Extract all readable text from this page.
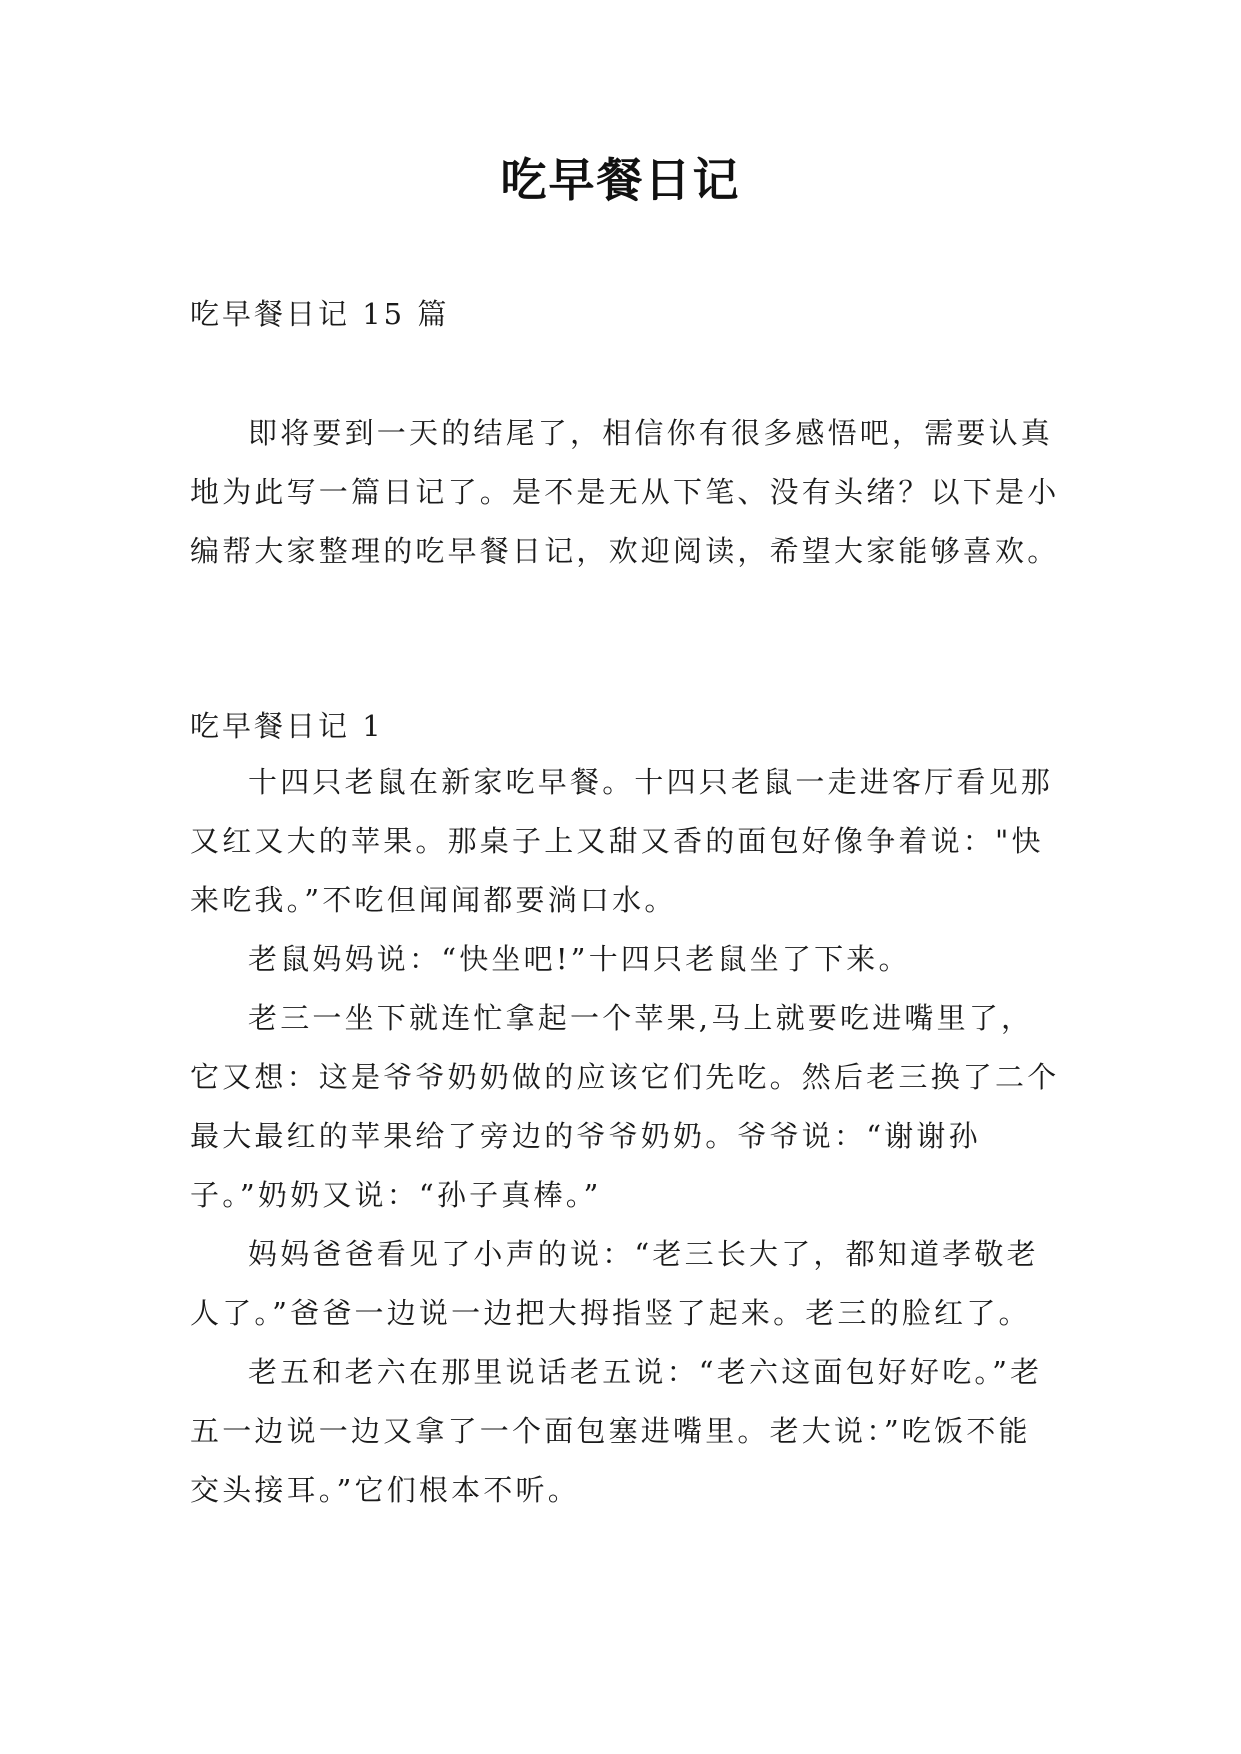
吃早餐日记
吃早餐日记 15 篇

即将要到一天的结尾了，相信你有很多感悟吧，需要认真地为此写一篇日记了。是不是无从下笔、没有头绪？以下是小编帮大家整理的吃早餐日记，欢迎阅读，希望大家能够喜欢。

吃早餐日记 1

十四只老鼠在新家吃早餐。十四只老鼠一走进客厅看见那又红又大的苹果。那桌子上又甜又香的面包好像争着说："快来吃我。”不吃但闻闻都要淌口水。

老鼠妈妈说：“快坐吧!”十四只老鼠坐了下来。

老三一坐下就连忙拿起一个苹果,马上就要吃进嘴里了，它又想：这是爷爷奶奶做的应该它们先吃。然后老三换了二个最大最红的苹果给了旁边的爷爷奶奶。爷爷说：“谢谢孙子。”奶奶又说：“孙子真棒。”

妈妈爸爸看见了小声的说：“老三长大了，都知道孝敬老人了。”爸爸一边说一边把大拇指竖了起来。老三的脸红了。

老五和老六在那里说话老五说：“老六这面包好好吃。”老五一边说一边又拿了一个面包塞进嘴里。老大说：”吃饭不能交头接耳。”它们根本不听。
